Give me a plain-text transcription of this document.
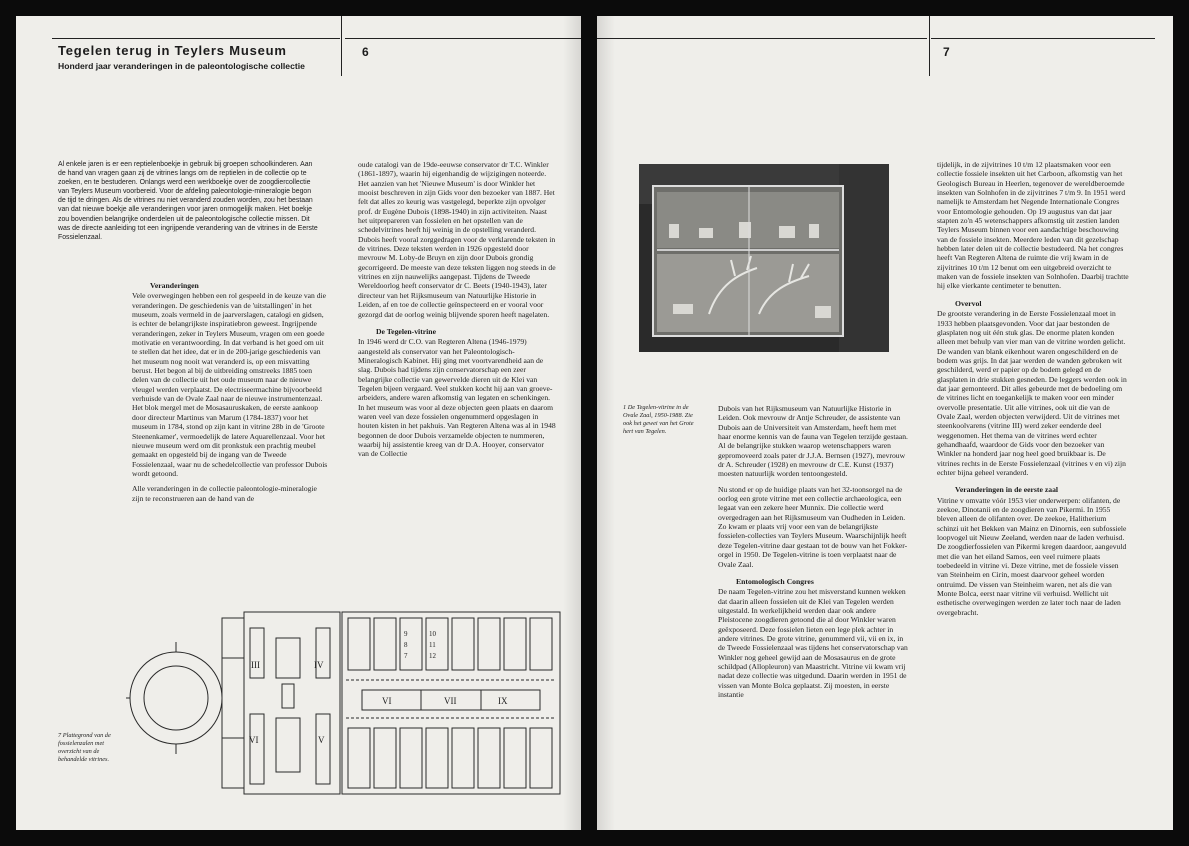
Tegelen terug in Teylers Museum
Honderd jaar veranderingen in de paleontologische collectie
6

Al enkele jaren is er een reptielenboekje in gebruik bij groepen schoolkinderen. Aan de hand van vragen gaan zij de vitrines langs om de reptielen in de collectie op te zoeken, en te bestuderen. Onlangs werd een werkboekje over de zoogdiercollectie van Teylers Museum voorbereid. Voor de afdeling paleontologie-mineralogie begon de tijd te dringen. Als de vitrines nu niet veranderd zouden worden, zou het bestaan van dat nieuwe boekje alle veranderingen voor jaren onmogelijk maken. Het boekje zou bovendien belangrijke onderdelen uit de paleontologische collectie missen. Dit was de directe aanleiding tot een ingrijpende verandering van de vitrines in de Eerste Fossielenzaal.

Veranderingen

Vele overwegingen hebben een rol gespeeld in de keuze van die veranderingen. De geschiedenis van de 'uitstallingen' in het museum, zoals vermeld in de jaarverslagen, catalogi en gidsen, is echter de belangrijkste inspiratiebron geweest. Ingrijpende veranderingen, zeker in Teylers Museum, vragen om een goede motivatie en verantwoording. In dat verband is het goed om uit te stellen dat het idee, dat er in de 200-jarige geschiedenis van het museum nog nooit wat veranderd is, op een misvatting berust. Het begon al bij de uitbreiding omstreeks 1885 toen delen van de collectie uit het oude museum naar de nieuwe vleugel werden verplaatst. De electriseermachine bijvoorbeeld verhuisde van de Ovale Zaal naar de nieuwe instrumentenzaal. Het blok mergel met de Mosasauruskaken, de eerste aankoop door directeur Martinus van Marum (1784-1837) voor het museum in 1784, stond op zijn kant in vitrine 28b in de 'Groote Steenenkamer', vermoedelijk de latere Aquarellenzaal. Voor het nieuwe museum werd om dit pronkstuk een prachtig meubel gemaakt en opgesteld bij de ingang van de Tweede Fossielenzaal, waar nu de schedelcollectie van professor Dubois wordt getoond.

Alle veranderingen in de collectie paleontologie-mineralogie zijn te reconstrueren aan de hand van de

oude catalogi van de 19de-eeuwse conservator dr T.C. Winkler (1861-1897), waarin hij eigenhandig de wijzigingen noteerde. Het aanzien van het 'Nieuwe Museum' is door Winkler het mooist beschreven in zijn Gids voor den bezoeker van 1887. Het felt dat alles zo keurig was vastgelegd, beperkte zijn opvolger prof. dr Eugène Dubois (1898-1940) in zijn activiteiten. Naast het uitprepareren van fossielen en het opstellen van de schedelvitrines heeft hij weinig in de opstelling veranderd. Dubois heeft vooral zorggedragen voor de verklarende teksten in de vitrines. Deze teksten werden in 1926 opgesteld door mevrouw M. Loby-de Bruyn en zijn door Dubois grondig gecorrigeerd. De meeste van deze teksten liggen nog steeds in de vitrines en zijn nauwelijks aangepast. Tijdens de Tweede Wereldoorlog heeft conservator dr C. Beets (1940-1943), later directeur van het Rijksmuseum van Natuurlijke Historie in Leiden, af en toe de collectie geïnspecteerd en er vooral voor gezorgd dat de oorlog weinig blijvende sporen heeft nagelaten.

De Tegelen-vitrine

In 1946 werd dr C.O. van Regteren Altena (1946-1979) aangesteld als conservator van het Paleontologisch-Mineralogisch Kabinet. Hij ging met voortvarendheid aan de slag. Dubois had tijdens zijn conservatorschap een zeer belangrijke collectie van gewervelde dieren uit de Klei van Tegelen bijeen vergaard. Veel stukken kocht hij aan van groeve-arbeiders, andere waren afkomstig van legaten en schenkingen. In het museum was voor al deze objecten geen plaats en daarom waren veel van deze fossielen ongenummerd opgeslagen in houten kisten in het pakhuis. Van Regteren Altena was al in 1948 begonnen de door Dubois verzamelde objecten te nummeren, waarbij hij assistentie kreeg van dr D.A. Hooyer, conservator van de Collectie

III	IV
VI	V
9
8
7
10
11
12
VI	VII	IX

7 Plattegrond van de fossielenzalen met overzicht van de behandelde vitrines.

7

1 De Tegelen-vitrine in de Ovale Zaal, 1950-1988. Zie ook het gewei van het Grote hert van Tegelen.

Dubois van het Rijksmuseum van Natuurlijke Historie in Leiden. Ook mevrouw dr Antje Schreuder, de assistente van Dubois aan de Universiteit van Amsterdam, heeft hem met haar enorme kennis van de fauna van Tegelen terzijde gestaan. Al de belangrijke stukken waarop wetenschappers waren gepromoveerd zoals pater dr J.J.A. Bernsen (1927), mevrouw dr A. Schreuder (1928) en mevrouw dr C.E. Kunst (1937) moesten natuurlijk worden tentoongesteld.

Nu stond er op de huidige plaats van het 32-toonsorgel na de oorlog een grote vitrine met een collectie archaeologica, een legaat van een zekere heer Munnix. Die collectie werd overgedragen aan het Rijksmuseum van Oudheden in Leiden. Zo kwam er plaats vrij voor een van de belangrijkste fossielen-collecties van Teylers Museum. Waarschijnlijk heeft deze Tegelen-vitrine daar gestaan tot de bouw van het Fokker-orgel in 1950. De Tegelen-vitrine is toen verplaatst naar de Ovale Zaal.

Entomologisch Congres

De naam Tegelen-vitrine zou het misverstand kunnen wekken dat daarin alleen fossielen uit de Klei van Tegelen werden uitgestald. In werkelijkheid werden daar ook andere Pleistocene zoogdieren getoond die al door Winkler waren geëxposeerd. Deze fossielen lieten een lege plek achter in andere vitrines. De grote vitrine, genummerd vii, vii en ix, in de Tweede Fossielenzaal was tijdens het conservatorschap van Winkler nog geheel gewijd aan de Mosasaurus en de grote schildpad (Allopleuron) van Maastricht. Vitrine vii kwam vrij nadat deze collectie was uitgedund. Daarin werden in 1951 de vissen van Monte Bolca geplaatst. Zij moesten, in eerste instantie

tijdelijk, in de zijvitrines 10 t/m 12 plaatsmaken voor een collectie fossiele insekten uit het Carboon, afkomstig van het Geologisch Bureau in Heerlen, tegenover de wereldberoemde insekten van Solnhofen in de zijvitrines 7 t/m 9. In 1951 werd namelijk te Amsterdam het Negende Internationale Congres voor Entomologie gehouden. Op 19 augustus van dat jaar stapten zo'n 45 wetenschappers afkomstig uit zestien landen Teylers Museum binnen voor een aandachtige beschouwing van de fossiele insekten. Meerdere leden van dit gezelschap hebben later delen uit de collectie bestudeerd. Na het congres heeft Van Regteren Altena de ruimte die vrij kwam in de zijvitrines 10 t/m 12 benut om een uitgebreid overzicht te maken van de fossiele insekten van Solnhofen. Daarbij trachtte hij elke vierkante centimeter te benutten.

Overvol

De grootste verandering in de Eerste Fossielenzaal moet in 1933 hebben plaatsgevonden. Voor dat jaar bestonden de glasplaten nog uit één stuk glas. De enorme platen konden alleen met behulp van vier man van de vitrine worden gelicht. De wanden van blank eikenhout waren ongeschilderd en de bodem was grijs. In dat jaar werden de wanden gebroken wit geschilderd, werd er papier op de bodem gelegd en de glasplaten in drie stukken gesneden. De leggers werden ook in dat jaar gemonteerd. Dit alles gebeurde met de bedoeling om de vitrines licht en toegankelijk te maken voor een minder overvolle presentatie. Uit alle vitrines, ook uit die van de Ovale Zaal, werden objecten verwijderd. Uit de vitrines met steenkoolvarens (vitrine III) werd zeker eenderde deel weggenomen. Het thema van de vitrines werd echter gehandhaafd, waardoor de Gids voor den bezoeker van Winkler na honderd jaar nog heel goed bruikbaar is. De vitrines rechts in de Eerste Fossielenzaal (vitrines v en vi) zijn echter bijna geheel veranderd.

Veranderingen in de eerste zaal

Vitrine v omvatte vóór 1953 vier onderwerpen: olifanten, de zeekoe, Dinotanii en de zoogdieren van Pikermi. In 1955 bleven alleen de olifanten over. De zeekoe, Halitherium schinzi uit het Bekken van Mainz en Dinornis, een subfossiele loopvogel uit Nieuw Zeeland, werden naar de laden verhuisd. De zoogdierfossielen van Pikermi kregen daardoor, aangevuld met die van het eiland Samos, een veel ruimere plaats toebedeeld in vitrine vi. Deze vitrine, met de fossiele vissen van Steinheim en Cirin, moest daarvoor geheel worden ontruimd. De vissen van Steinheim waren, net als die van Monte Bolca, eerst naar vitrine vii verhuisd. Wellicht uit esthetische overwegingen werden ze later toch naar de laden overgebracht.
